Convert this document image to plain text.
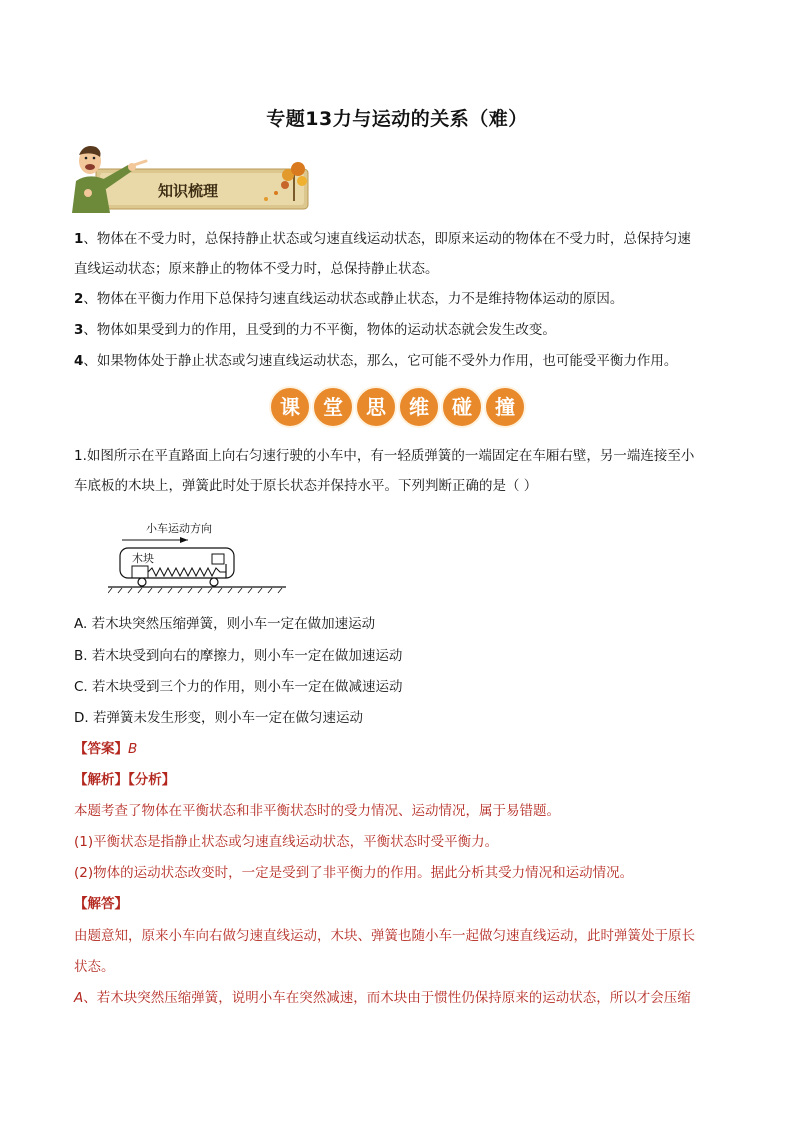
专题13力与运动的关系（难）
知识梳理
1、物体在不受力时，总保持静止状态或匀速直线运动状态，即原来运动的物体在不受力时，总保持匀速
直线运动状态；原来静止的物体不受力时，总保持静止状态。
2、物体在平衡力作用下总保持匀速直线运动状态或静止状态，力不是维持物体运动的原因。
3、物体如果受到力的作用，且受到的力不平衡，物体的运动状态就会发生改变。
4、如果物体处于静止状态或匀速直线运动状态，那么，它可能不受外力作用，也可能受平衡力作用。
课 堂 思 维 碰 撞
1.如图所示在平直路面上向右匀速行驶的小车中，有一轻质弹簧的一端固定在车厢右壁，另一端连接至小
车底板的木块上，弹簧此时处于原长状态并保持水平。下列判断正确的是（ ）
小车运动方向
木块
A. 若木块突然压缩弹簧，则小车一定在做加速运动
B. 若木块受到向右的摩擦力，则小车一定在做加速运动
C. 若木块受到三个力的作用，则小车一定在做减速运动
D. 若弹簧未发生形变，则小车一定在做匀速运动
【答案】B
【解析】【分析】
本题考查了物体在平衡状态和非平衡状态时的受力情况、运动情况，属于易错题。
(1)平衡状态是指静止状态或匀速直线运动状态，平衡状态时受平衡力。
(2)物体的运动状态改变时，一定是受到了非平衡力的作用。据此分析其受力情况和运动情况。
【解答】
由题意知，原来小车向右做匀速直线运动，木块、弹簧也随小车一起做匀速直线运动，此时弹簧处于原长
状态。
A、若木块突然压缩弹簧，说明小车在突然减速，而木块由于惯性仍保持原来的运动状态，所以才会压缩
